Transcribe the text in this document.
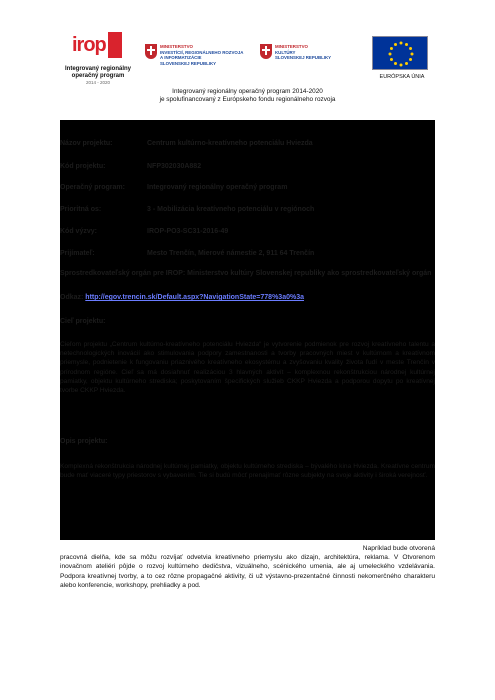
irop
Integrovaný regionálny
operačný program
2014 - 2020
MINISTERSTVO
INVESTÍCIÍ, REGIONÁLNEHO ROZVOJA
A INFORMATIZÁCIE
SLOVENSKEJ REPUBLIKY
MINISTERSTVO
KULTÚRY
SLOVENSKEJ REPUBLIKY
EURÓPSKA ÚNIA
Integrovaný regionálny operačný program 2014-2020
je spolufinancovaný z Európskeho fondu regionálneho rozvoja
Názov projektu:	Centrum kultúrno-kreatívneho potenciálu Hviezda
Kód projektu:	NFP302030A882
Operačný program:	Integrovaný regionálny operačný program
Prioritná os:	3 - Mobilizácia kreatívneho potenciálu v regiónoch
Kód výzvy:	IROP-PO3-SC31-2016-49
Prijímateľ:	Mesto Trenčín, Mierové námestie 2, 911 64 Trenčín
Sprostredkovateľský orgán pre IROP: Ministerstvo kultúry Slovenskej republiky ako sprostredkovateľský orgán
Odkaz: http://egov.trencin.sk/Default.aspx?NavigationState=778%3a0%3a
Cieľ projektu:
Cieľom projektu „Centrum kultúrno-kreatívneho potenciálu Hviezda“ je vytvorenie podmienok pre rozvoj kreatívneho talentu a netechnologických inovácií ako stimulovania podpory zamestnanosti a tvorby pracovných miest v kultúrnom a kreatívnom priemysle, podnietenie k fungovaniu priaznivého kreatívneho ekosystému a zvyšovaniu kvality života ľudí v meste Trenčín v prírodnom regióne. Cieľ sa má dosiahnuť realizáciou 3 hlavných aktivít – komplexnou rekonštrukciou národnej kultúrnej pamiatky, objektu kultúrneho strediska; poskytovaním špecifických služieb CKKP Hviezda a podporou dopytu po kreatívnej tvorbe CKKP Hviezda.
Opis projektu:
Komplexná rekonštrukcia národnej kultúrnej pamiatky, objektu kultúrneho strediska – bývalého kina Hviezda. Kreatívne centrum bude mať viaceré typy priestorov s vybavením. Tie si budú môcť prenajímať rôzne subjekty na svoje aktivity i široká verejnosť.
Napríklad bude otvorená
pracovná dielňa, kde sa môžu rozvíjať odvetvia kreatívneho priemyslu ako dizajn, architektúra, reklama. V Otvorenom inovačnom ateliéri pôjde o rozvoj kultúrneho dedičstva, vizuálneho, scénického umenia, ale aj umeleckého vzdelávania. Podpora kreatívnej tvorby, a to cez rôzne propagačné aktivity, či už výstavno-prezentačné činnosti nekomerčného charakteru alebo konferencie, workshopy, prehliadky a pod.
